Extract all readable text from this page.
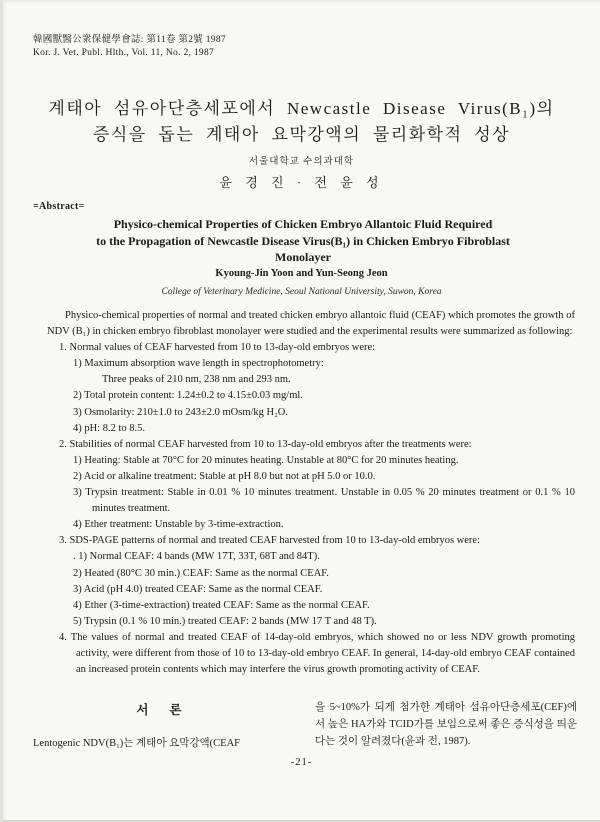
韓國獸醫公衆保健學會誌: 第11卷 第2號 1987
Kor. J. Vet. Publ. Hlth., Vol. 11, No. 2, 1987
계태아 섬유아단층세포에서 Newcastle Disease Virus(B₁)의
증식을 돕는 계태아 요막강액의 물리화학적 성상
서울대학교 수의과대학
윤 경 진 · 전 윤 성
=Abstract=
Physico-chemical Properties of Chicken Embryo Allantoic Fluid Required
to the Propagation of Newcastle Disease Virus(B₁) in Chicken Embryo Fibroblast
Monolayer
Kyoung-Jin Yoon and Yun-Seong Jeon
College of Veterinary Medicine, Seoul National University, Suwon, Korea
Physico-chemical properties of normal and treated chicken embryo allantoic fluid (CEAF) which promotes the growth of NDV (B₁) in chicken embryo fibroblast monolayer were studied and the experimental results were summarized as following:
1. Normal values of CEAF harvested from 10 to 13-day-old embryos were:
1) Maximum absorption wave length in spectrophotometry:
Three peaks of 210 nm, 238 nm and 293 nm.
2) Total protein content: 1.24±0.2 to 4.15±0.03 mg/ml.
3) Osmolarity: 210±1.0 to 243±2.0 mOsm/kg H₂O.
4) pH: 8.2 to 8.5.
2. Stabilities of normal CEAF harvested from 10 to 13-day-old embryos after the treatments were:
1) Heating: Stable at 70°C for 20 minutes heating. Unstable at 80°C for 20 minutes heating.
2) Acid or alkaline treatment: Stable at pH 8.0 but not at pH 5.0 or 10.0.
3) Trypsin treatment: Stable in 0.01 % 10 minutes treatment. Unstable in 0.05 % 20 minutes treatment or 0.1 % 10 minutes treatment.
4) Ether treatment: Unstable by 3-time-extraction.
3. SDS-PAGE patterns of normal and treated CEAF harvested from 10 to 13-day-old embryos were:
. 1) Normal CEAF: 4 bands (MW 17T, 33T, 68T and 84T).
2) Heated (80°C 30 min.) CEAF: Same as the normal CEAF.
3) Acid (pH 4.0) treated CEAF: Same as the normal CEAF.
4) Ether (3-time-extraction) treated CEAF: Same as the normal CEAF.
5) Trypsin (0.1 % 10 min.) treated CEAF: 2 bands (MW 17 T and 48 T).
4. The values of normal and treated CEAF of 14-day-old embryos, which showed no or less NDV growth promoting activity, were different from those of 10 to 13-day-old embryo CEAF. In general, 14-day-old embryo CEAF contained an increased protein contents which may interfere the virus growth promoting activity of CEAF.
서 론
Lentogenic NDV(B₁)는 계태아 요막강액(CEAF
을 5~10%가 되게 첨가한 계태아 섬유아단층세포(CEF)에서 높은 HA가와 TCID가를 보임으로써 좋은 증식성을 띄운다는 것이 알려졌다(윤과 전, 1987).
-21-
